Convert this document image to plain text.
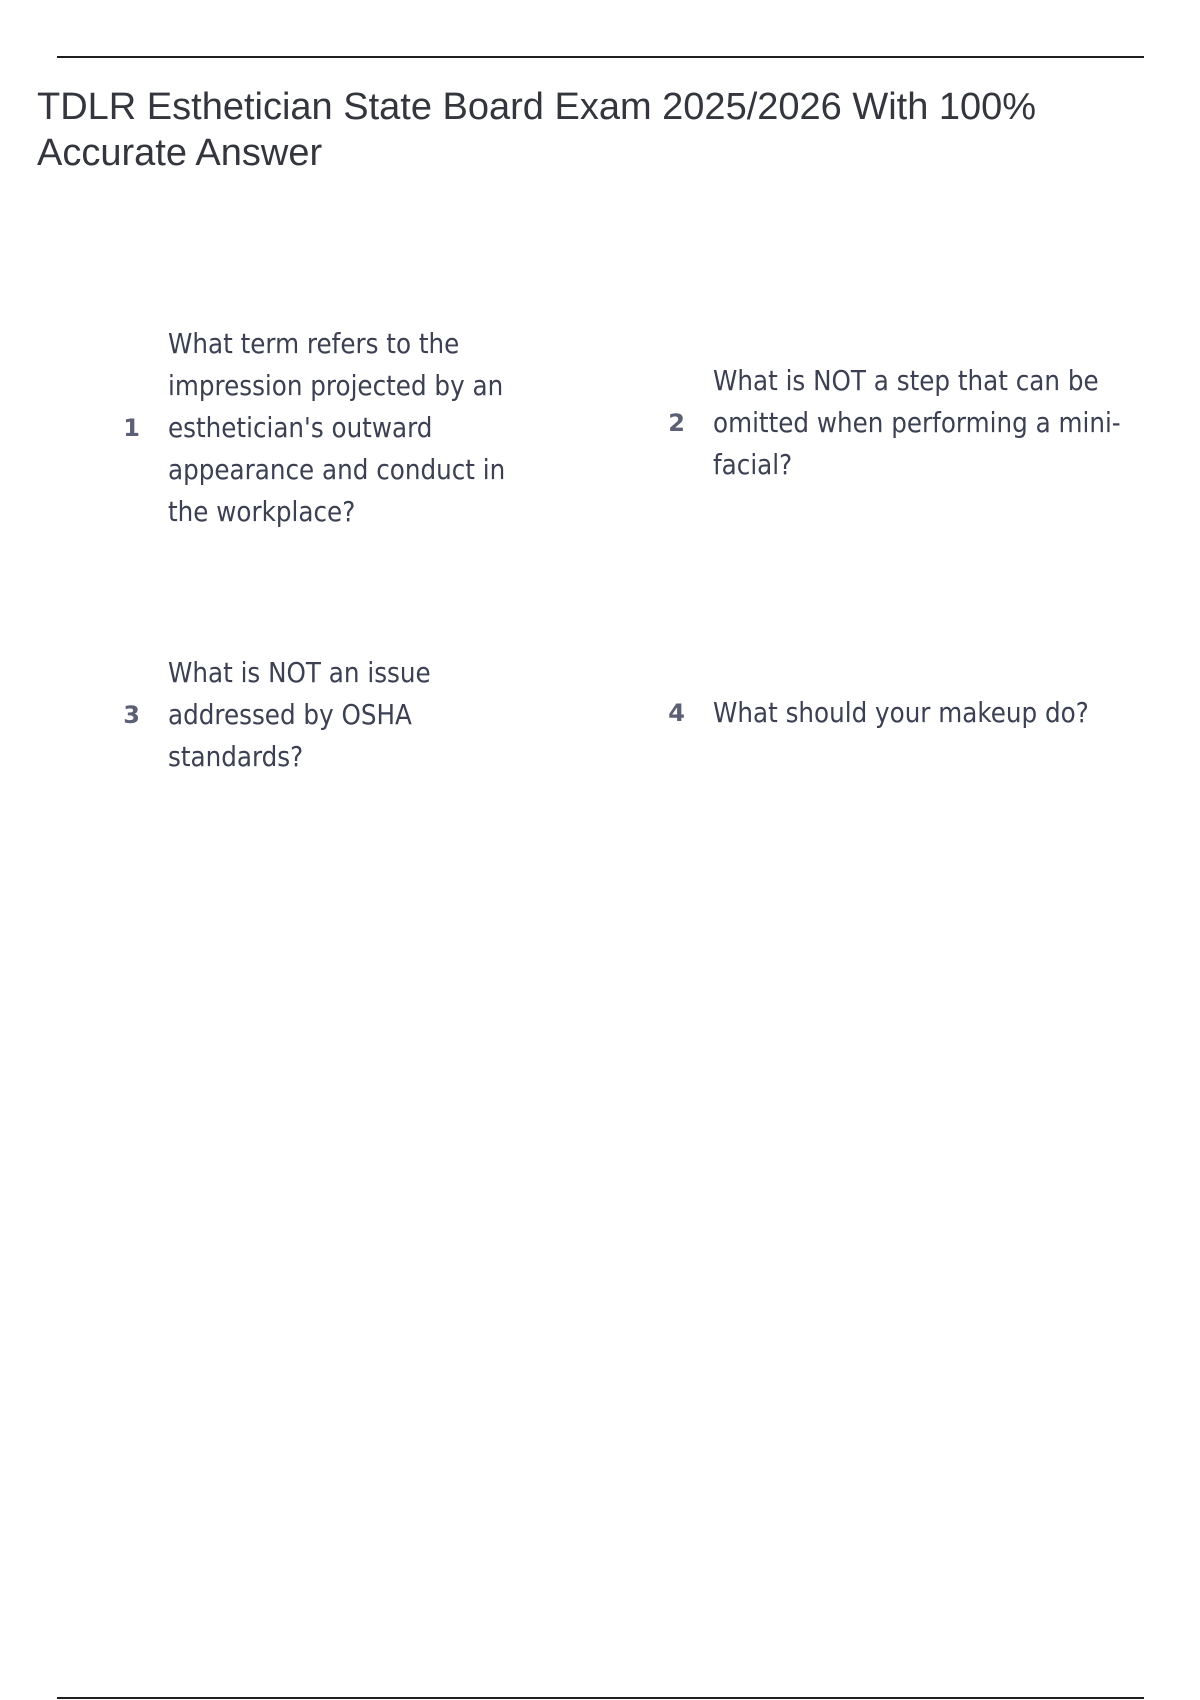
TDLR Esthetician State Board Exam 2025/2026 With 100% Accurate Answer
1
What term refers to the impression projected by an esthetician's outward appearance and conduct in the workplace?
2
What is NOT a step that can be omitted when performing a mini-facial?
3
What is NOT an issue addressed by OSHA standards?
4 What should your makeup do?
